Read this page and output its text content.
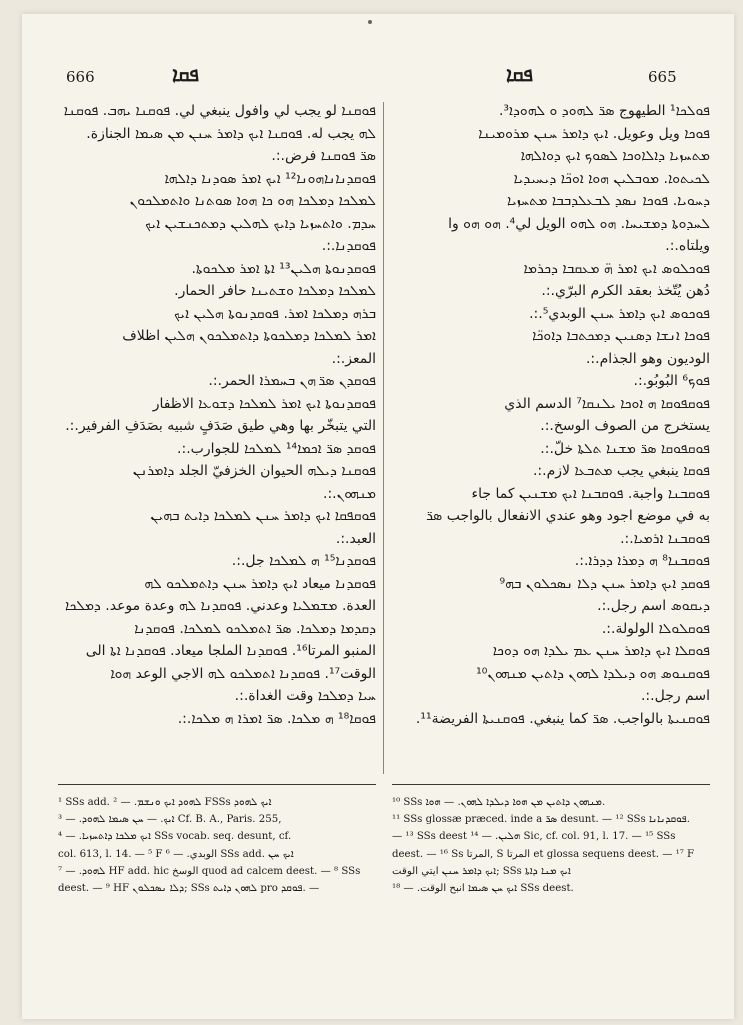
666	ܦܩܐ	ܦܩܐ	665

ܦܘܠܟܐ¹ الطيهوج ܣܪ̈ ܠܗܘܕ ܘ ܠܗܘܕܐ³.

ܦܘܟܐ ويل وعويل. ܐܝܟ ܕܐܡܪ ܚܢܢ ܡܪܘܡܝܢܐ

ܡܬܚܙܝܐ ܕܐܠܐܘܟܐ ܠܣܘܟ ܐܝܟ ܕܘܐܠܗܐ

ܠܟܝܬܘܐ. ܡܘܒܠܝܢ ܗܘܐ ܐܘܟ̈ܐ ܕܝܚܝܕܝܐ

ܕܚܘܝܐ. ܦܘܟܐ ܢܣܕ ܠܒܥܠܕܒܒܐ ܡܬܚܙܝܐ

ܠܚܕܘܬܐ ܕܡܫܝܚܐ. ܗܘ ܠܗܘ الويل لي⁴. ܗܘ ܗܘ وا

ويلتاه.:.

ܦܘܟܠܘܣ ܐܝܟ ܐܡܪ ܗ̈ ܡܥܩܒܐ ܕܟܪܡܐ

دُهن يُتّخذ بعقد الكرم البرّي.:.

ܦܘܟܘܣ ܐܝܟ ܕܐܡܪ ܚܢܢ الوبدي⁵.:.

ܦܘܟܐ ܐܢܫܐ ܕܣܢܝܢ ܕܡܟܬܒܐ ܕܐܘܟ̈ܐ

الوديون وهو الجذام.:.

ܦܘܟ⁶ البُوبُو.:.

ܦܘܩܦܘܩܐ ܗ ܐܘܟܐ ܝܠܢܩܐ⁷ الدسم الذي

يستخرج من الصوف الوسخ.:.

ܦܘܩܦܘܩܐ ܣܪ̈ ܡܫܢܐ ܬܠܬܐ خلّ.:.

ܦܘܩܐ ينبغي يجب ܡܬܒܥܐ لازم.:.

ܦܘܩܒܢܐ واجبة. ܦܘܩܒܢܐ ܐܝܟ ܡܫܢܝܢ كما جاء

به في موضع اجود وهو عندي الانفعال بالواجب ܣܪ̈

ܦܘܩܒܢܐ ܐܪܡܝܐ.:.

ܦܘܩܒܢܐ⁸ ܗ ܕܡܪܐ ܕܕܪܐ.:.

ܦܘܩܕ ܐܝܟ ܕܐܡܪ ܚܢܢ ܕܠܐ ܢܣܟܠܘܢ ܒܗ⁹

ܕܝܩܘܣ اسم رجل.:.

ܦܘܩܠܘܠܐ الولولة.:.

ܦܘܩܠܐ ܐܝܟ ܕܐܡܪ ܚܢܢ ܥܡ ܝܠܕܐ ܗܘ ܕܘܟܐ

ܦܘܩܢܘܣ ܗܘ ܕܝܠܕܐ ܠܗܘܢ ܕܐܬܝܢ ܡܢܗܘܢ¹⁰

اسم رجل.:.

ܦܘܩܢܝܬܐ بالواجب. ܣܪ̈ كما ينبغي. ܦܘܩܢܝܬܐ الفريضة¹¹.

ܦܘܩܢܐ لو يجب لي وافول ينبغي لي. ܦܘܩܢܐ ܝܗܒ. ܦܘܩܢܐ

ܠܗ يجب له. ܦܘܩܢܐ ܐܝܟ ܕܐܡܪ ܚܢܢ ܡܢ ܣܝܡܐ الجنازة.

ܣܪ̈ ܦܘܩܢܐ فرض.:.

ܦܘܩܕܢܐܢܐܗܘܢܐ¹² ܐܝܟ ܐܡܪ ܣܘܕܢܐ ܕܐܠܗܐ

ܠܡܠܟܐ ܕܡܠܟܐ ܗܘ ܟܐ ܗܘܐ ܣܘܬܢܐ ܘܐܬܡܠܟܘܢ

ܚܕܡ. ܘܐܬܚܙܝܐ ܕܐܝܟ ܠܗܠܝܢ ܕܡܬܟܢܫܝܢ ܐܝܟ

ܦܘܩܕܢܐ.:.

ܦܘܩܕܢܘܬܐ ܗܠܝܢ¹³ ܐܬܐ ܐܡܪ ܡܠܟܘܬܐ.

ܠܡܠܟܐ ܕܡܠܟܐ ܘܫܬܝܢܐ حافر الحمار.

ܒܪܗ ܕܡܠܟܐ ܐܡܪ. ܦܘܩܕܢܘܬܐ ܗܠܝܢ ܐܝܟ

ܐܡܪ ܠܡܠܟܐ ܕܡܠܟܘܬܐ ܕܐܬܡܠܟܘܢ ܗܠܝܢ اظلاف

المعز.:.

ܦܘܩܕܢ ܣܪ̈ ܗܢ ܒܚܡܪܐ الحمر.:.

ܦܘܩܕܢܘܬܐ ܐܝܟ ܐܡܪ ܠܡܠܟܐ ܕܫܘܥܐ الاظفار

التي يتبخّر بها وهي طيق صَدَفٍ شبيه بصَدَفِ الفرفير.:.

ܦܘܩܕ ܣܪ̈ ܐܟܡܐ¹⁴ ܠܡܠܟܐ للجوارب.:.

ܦܘܩܢܐ ܕܝܠܗ الحيوان الخزفيّ الجلد ܕܐܡܪܢܢ

ܡܢܗܘܢ.:.

ܦܘܩܦܩܐ ܐܝܟ ܕܐܡܪ ܚܢܢ ܠܡܠܟܐ ܕܐܝܬ ܒܗܝܢ

العبد.:.

ܦܘܩܕܢܐ¹⁵ ܗ ܠܡܠܟܐ جل.:.

ܦܘܩܕܢܐ ميعاد ܐܝܟ ܕܐܡܪ ܚܢܢ ܕܐܬܡܠܟܘ ܠܗ

العدة. ܡܫܡܠܝܐ وعدني. ܦܘܩܕܢܐ ܠܗ وعدة موعد. ܕܡܠܟܐ

ܕܩܕܡܐ ܕܡܠܟܐ. ܣܪ̈ ܐܬܡܠܟܘ ܠܡܠܟܐ. ܦܘܩܕܢܐ

المنبو المرتا¹⁶. ܦܘܩܕܢܐ الملجا ميعاد. ܦܘܩܕܢܐ ܐܬܐ الى

الوقت¹⁷. ܦܘܩܕܢܐ ܐܬܡܠܟܘ ܠܗ الاجي الوعد ܗܘܐ

ܚܝܐ ܕܡܠܟܐ وقت الغداة.:.

ܦܘܩܐ¹⁸ ܗ ܡܠܟܐ. ܣܪ̈ ܐܡܪܐ ܗ ܡܠܟܐ.:.

¹ SSs add. ܠܗܘܕ ܐܝܟ ܘܢܫܡ. — ² FSSs ܐܝܟ ܠܗܘܕ

ܐܝܟ. — ܚܢ ܣܝܡܐ ܠܗܘܕ. — ³ Cf. B. A., Paris. 255,

ܐܝܟ ܡܠܟܐ ܕܐܬܚܙܝܐ. — ⁴ SSs vocab. seq. desunt, cf.

col. 613, l. 14. — ⁵ F الوبدي. — ⁶ SSs add. ܐܝܟ ܚܢ

ܠܗܘܕ. — ⁷ HF add. hic الوسخ quod ad calcem deest. — ⁸ SSs

deest. — ⁹ HF ܕܠܐ ܢܣܟܠܘܢ; SSs ܠܗܘܢ ܕܐܝܬ pro ܦܘܩܕ. —

¹⁰ SSs ܡܢܗܘܢ ܕܐܬܝܢ ܡܢ ܗܘܐ ܕܝܠܕܐ ܠܗܘܢ. — ܗܘܐ.

¹¹ SSs glossæ præced. inde a ܣܪ̈ desunt. — ¹² SSs ܦܘܩܕܢܐܢܐ.

— ¹³ SSs deest ܗܠܝܢ. — ¹⁴ Sic, cf. col. 91, l. 17. — ¹⁵ SSs

deest. — ¹⁶ Ss المرتا, S المرتا et glossa sequens deest. — ¹⁷ F

ܐܝܟ ܕܐܡܪ ܚܢܢ ايتي الوقت; SSs ܐܝܟ ܡܢܐ ܕܐܬܐ

ܐܝܟ ܚܢ ܣܝܡܐ انبح الوقت. — ¹⁸ SSs deest.
